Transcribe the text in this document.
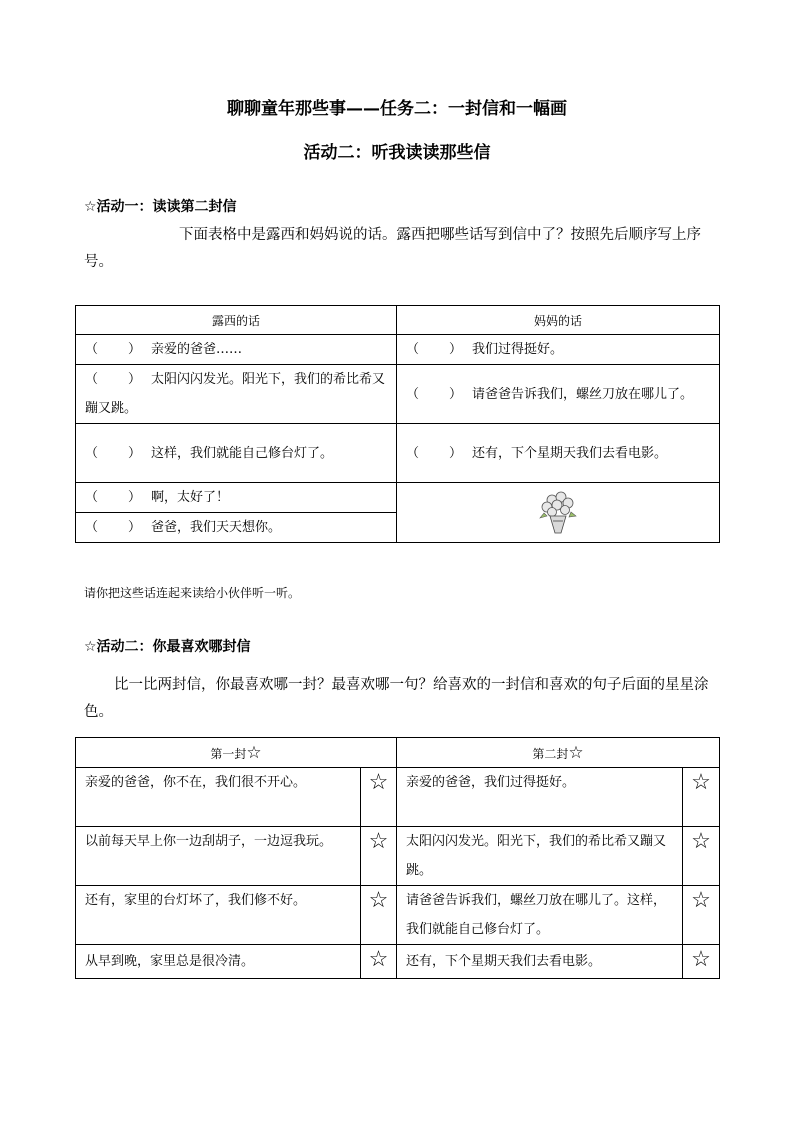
聊聊童年那些事——任务二：一封信和一幅画
活动二：听我读读那些信
☆活动一：读读第二封信
下面表格中是露西和妈妈说的话。露西把哪些话写到信中了？按照先后顺序写上序号。
露西的话	妈妈的话
（ ） 亲爱的爸爸……	（ ） 我们过得挺好。
（ ） 太阳闪闪发光。阳光下，我们的希比希又蹦又跳。	（ ） 请爸爸告诉我们，螺丝刀放在哪儿了。
（ ） 这样，我们就能自己修台灯了。	（ ） 还有，下个星期天我们去看电影。
（ ） 啊，太好了！	
（ ） 爸爸，我们天天想你。	
请你把这些话连起来读给小伙伴听一听。
☆活动二：你最喜欢哪封信
比一比两封信，你最喜欢哪一封？最喜欢哪一句？给喜欢的一封信和喜欢的句子后面的星星涂色。
第一封☆		第二封☆	
亲爱的爸爸，你不在，我们很不开心。	☆	亲爱的爸爸，我们过得挺好。	☆
以前每天早上你一边刮胡子，一边逗我玩。	☆	太阳闪闪发光。阳光下，我们的希比希又蹦又跳。	☆
还有，家里的台灯坏了，我们修不好。	☆	请爸爸告诉我们，螺丝刀放在哪儿了。这样，我们就能自己修台灯了。	☆
从早到晚，家里总是很冷清。	☆	还有，下个星期天我们去看电影。	☆
